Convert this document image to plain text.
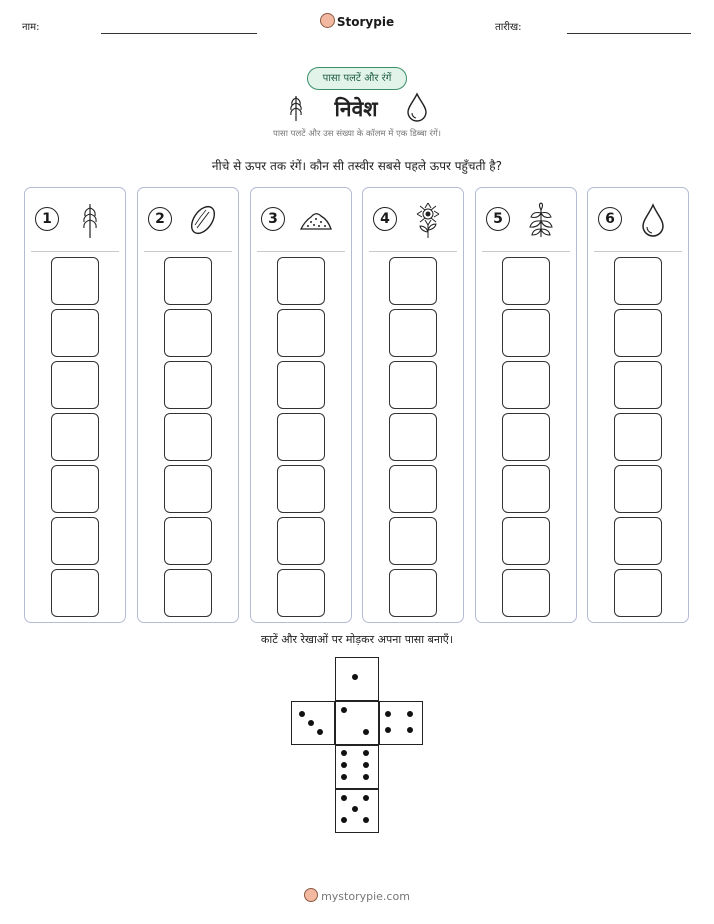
नाम:	Storypie	तारीख:
पासा पलटें और रंगें
निवेश
पासा पलटें और उस संख्या के कॉलम में एक डिब्बा रंगें।
नीचे से ऊपर तक रंगें। कौन सी तस्वीर सबसे पहले ऊपर पहुँचती है?
1	2	3	4	5	6
काटें और रेखाओं पर मोड़कर अपना पासा बनाएँ।
mystorypie.com
